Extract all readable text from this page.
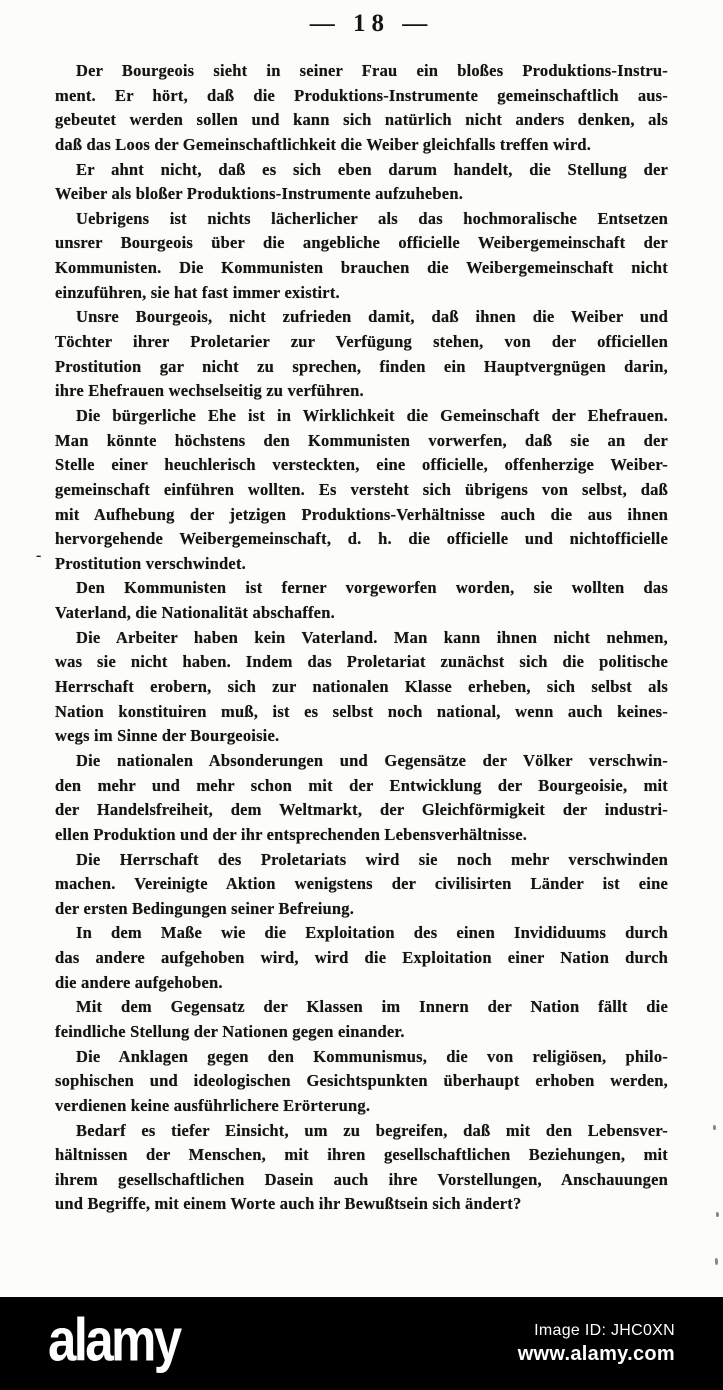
— 18 —
Der Bourgeois sieht in seiner Frau ein bloßes Produktions-Instru-
ment. Er hört, daß die Produktions-Instrumente gemeinschaftlich aus-
gebeutet werden sollen und kann sich natürlich nicht anders denken, als
daß das Loos der Gemeinschaftlichkeit die Weiber gleichfalls treffen wird.
Er ahnt nicht, daß es sich eben darum handelt, die Stellung der
Weiber als bloßer Produktions-Instrumente aufzuheben.
Uebrigens ist nichts lächerlicher als das hochmoralische Entsetzen
unsrer Bourgeois über die angebliche officielle Weibergemeinschaft der
Kommunisten. Die Kommunisten brauchen die Weibergemeinschaft nicht
einzuführen, sie hat fast immer existirt.
Unsre Bourgeois, nicht zufrieden damit, daß ihnen die Weiber und
Töchter ihrer Proletarier zur Verfügung stehen, von der officiellen
Prostitution gar nicht zu sprechen, finden ein Hauptvergnügen darin,
ihre Ehefrauen wechselseitig zu verführen.
Die bürgerliche Ehe ist in Wirklichkeit die Gemeinschaft der Ehefrauen.
Man könnte höchstens den Kommunisten vorwerfen, daß sie an der
Stelle einer heuchlerisch versteckten, eine officielle, offenherzige Weiber-
gemeinschaft einführen wollten. Es versteht sich übrigens von selbst, daß
mit Aufhebung der jetzigen Produktions-Verhältnisse auch die aus ihnen
hervorgehende Weibergemeinschaft, d. h. die officielle und nichtofficielle
Prostitution verschwindet.
Den Kommunisten ist ferner vorgeworfen worden, sie wollten das
Vaterland, die Nationalität abschaffen.
Die Arbeiter haben kein Vaterland. Man kann ihnen nicht nehmen,
was sie nicht haben. Indem das Proletariat zunächst sich die politische
Herrschaft erobern, sich zur nationalen Klasse erheben, sich selbst als
Nation konstituiren muß, ist es selbst noch national, wenn auch keines-
wegs im Sinne der Bourgeoisie.
Die nationalen Absonderungen und Gegensätze der Völker verschwin-
den mehr und mehr schon mit der Entwicklung der Bourgeoisie, mit
der Handelsfreiheit, dem Weltmarkt, der Gleichförmigkeit der industri-
ellen Produktion und der ihr entsprechenden Lebensverhältnisse.
Die Herrschaft des Proletariats wird sie noch mehr verschwinden
machen. Vereinigte Aktion wenigstens der civilisirten Länder ist eine
der ersten Bedingungen seiner Befreiung.
In dem Maße wie die Exploitation des einen Invididuums durch
das andere aufgehoben wird, wird die Exploitation einer Nation durch
die andere aufgehoben.
Mit dem Gegensatz der Klassen im Innern der Nation fällt die
feindliche Stellung der Nationen gegen einander.
Die Anklagen gegen den Kommunismus, die von religiösen, philo-
sophischen und ideologischen Gesichtspunkten überhaupt erhoben werden,
verdienen keine ausführlichere Erörterung.
Bedarf es tiefer Einsicht, um zu begreifen, daß mit den Lebensver-
hältnissen der Menschen, mit ihren gesellschaftlichen Beziehungen, mit
ihrem gesellschaftlichen Dasein auch ihre Vorstellungen, Anschauungen
und Begriffe, mit einem Worte auch ihr Bewußtsein sich ändert?
-
alamy	Image ID: JHC0XN
www.alamy.com
